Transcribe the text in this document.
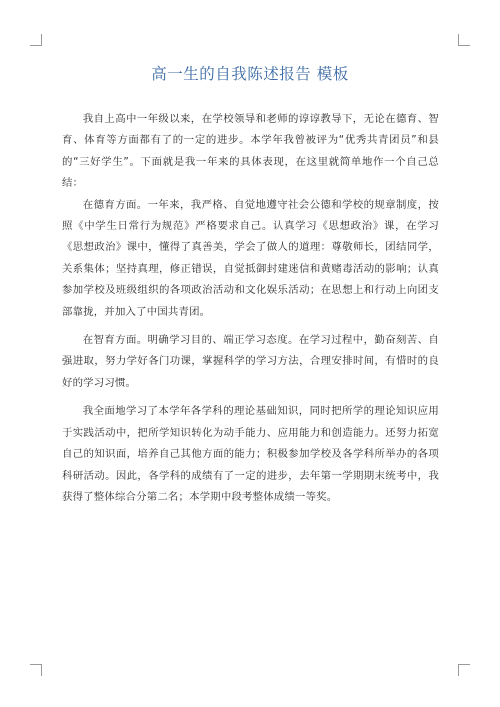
高一生的自我陈述报告 模板

我自上高中一年级以来，在学校领导和老师的谆谆教导下，无论在德育、智育、体育等方面都有了的一定的进步。本学年我曾被评为“优秀共青团员”和县的“三好学生”。下面就是我一年来的具体表现，在这里就简单地作一个自己总结：

在德育方面。一年来，我严格、自觉地遵守社会公德和学校的规章制度，按照《中学生日常行为规范》严格要求自己。认真学习《思想政治》课，在学习《思想政治》课中，懂得了真善美，学会了做人的道理：尊敬师长，团结同学，关系集体；坚持真理，修正错误，自觉抵御封建迷信和黄赌毒活动的影响；认真参加学校及班级组织的各项政治活动和文化娱乐活动；在思想上和行动上向团支部靠拢，并加入了中国共青团。

在智育方面。明确学习目的、端正学习态度。在学习过程中，勤奋刻苦、自强进取，努力学好各门功课，掌握科学的学习方法，合理安排时间，有惜时的良好的学习习惯。

我全面地学习了本学年各学科的理论基础知识，同时把所学的理论知识应用于实践活动中，把所学知识转化为动手能力、应用能力和创造能力。还努力拓宽自己的知识面，培养自己其他方面的能力；积极参加学校及各学科所举办的各项科研活动。因此，各学科的成绩有了一定的进步，去年第一学期期末统考中，我获得了整体综合分第二名；本学期中段考整体成绩一等奖。
